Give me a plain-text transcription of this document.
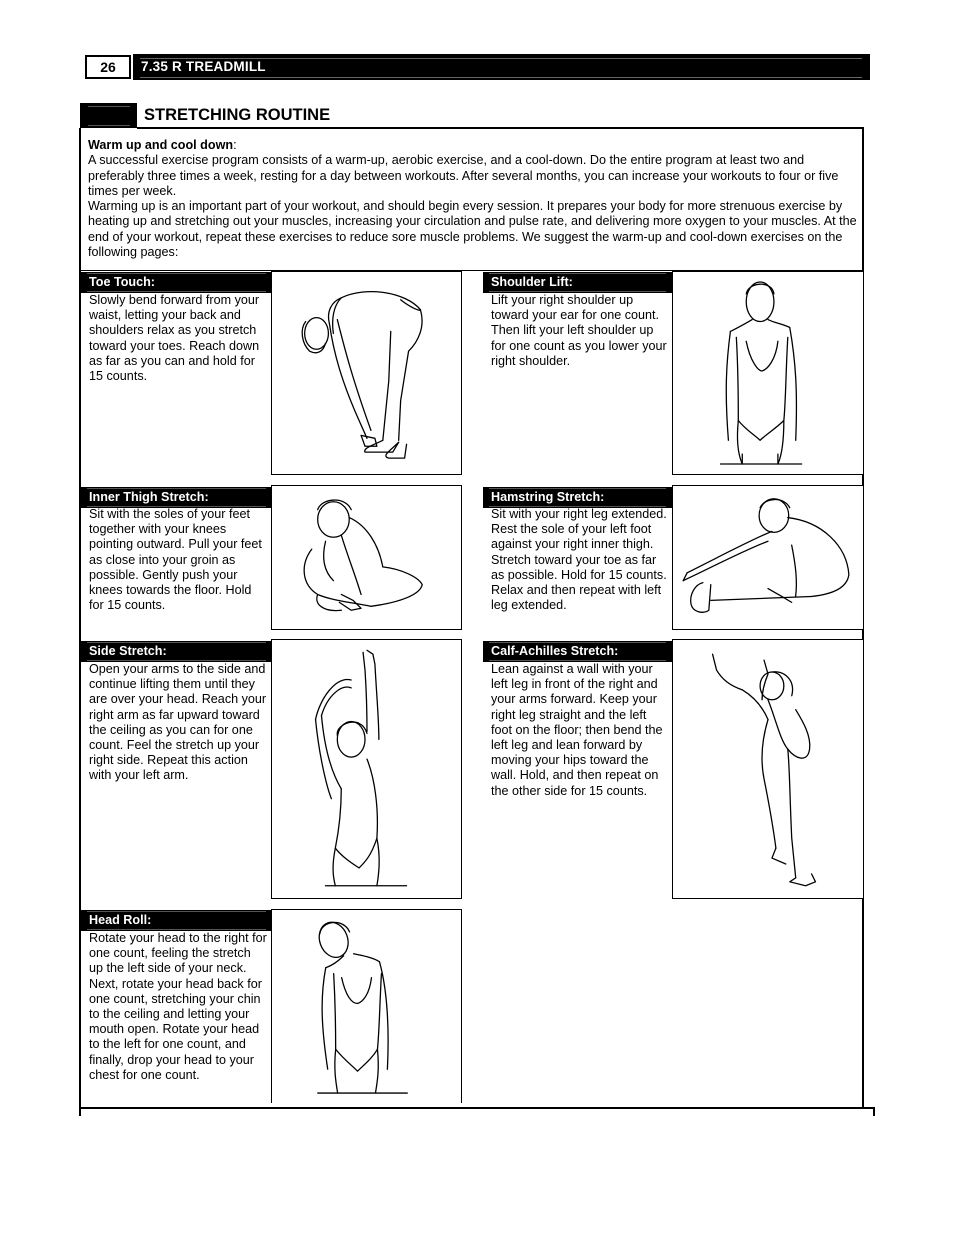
26	7.35 R TREADMILL
STRETCHING ROUTINE

Warm up and cool down:

A successful exercise program consists of a warm-up, aerobic exercise, and a cool-down. Do the entire program at least two and preferably three times a week, resting for a day between workouts. After several months, you can increase your workouts to four or five times per week.

Warming up is an important part of your workout, and should begin every session. It prepares your body for more strenuous exercise by heating up and stretching out your muscles, increasing your circulation and pulse rate, and delivering more oxygen to your muscles. At the end of your workout, repeat these exercises to reduce sore muscle problems. We suggest the warm-up and cool-down exercises on the following pages:

Toe Touch:
Slowly bend forward from your waist, letting your back and shoulders relax as you stretch toward your toes. Reach down as far as you can and hold for 15 counts.
Shoulder Lift:
Lift your right shoulder up toward your ear for one count. Then lift your left shoulder up for one count as you lower your right shoulder.
Inner Thigh Stretch:
Sit with the soles of your feet together with your knees pointing outward. Pull your feet as close into your groin as possible. Gently push your knees towards the floor. Hold for 15 counts.
Hamstring Stretch:
Sit with your right leg extended. Rest the sole of your left foot against your right inner thigh. Stretch toward your toe as far as possible. Hold for 15 counts. Relax and then repeat with left leg extended.
Side Stretch:
Open your arms to the side and continue lifting them until they are over your head. Reach your right arm as far upward toward the ceiling as you can for one count. Feel the stretch up your right side. Repeat this action with your left arm.
Calf-Achilles Stretch:
Lean against a wall with your left leg in front of the right and your arms forward. Keep your right leg straight and the left foot on the floor; then bend the left leg and lean forward by moving your hips toward the wall. Hold, and then repeat on the other side for 15 counts.
Head Roll:
Rotate your head to the right for one count, feeling the stretch up the left side of your neck. Next, rotate your head back for one count, stretching your chin to the ceiling and letting your mouth open. Rotate your head to the left for one count, and finally, drop your head to your chest for one count.
